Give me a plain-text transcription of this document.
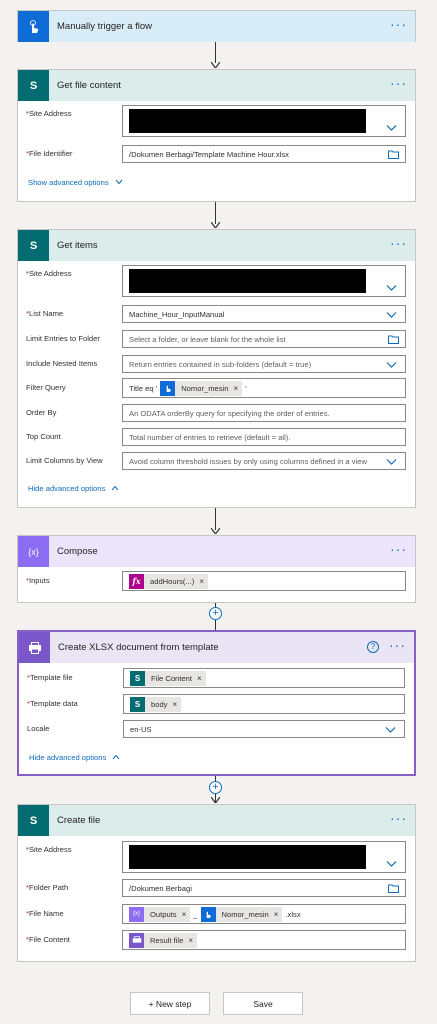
+
+
Manually trigger a flow	···
S	Get file content	···
*Site Address
*File Identifier	/Dokumen Berbagi/Template Machine Hour.xlsx
Show advanced options
S	Get items	···
*Site Address
*List Name	Machine_Hour_InputManual
Limit Entries to Folder	Select a folder, or leave blank for the whole list
Include Nested Items	Return entries contained in sub-folders (default = true)
Filter Query	Title eq '	Nomor_mesin × '
Order By	An ODATA orderBy query for specifying the order of entries.
Top Count	Total number of entries to retrieve (default = all).
Limit Columns by View	Avoid column threshold issues by only using columns defined in a view
Hide advanced options
{x}	Compose	···
*Inputs	fx	addHours(...) ×
Create XLSX document from template	? ···
*Template file	S	File Content ×
*Template data	S	body ×
Locale	en-US
Hide advanced options
S	Create file	···
*Site Address
*Folder Path	/Dokumen Berbagi
*File Name	{x}	Outputs × _	Nomor_mesin × .xlsx
*File Content	Result file ×
+ New step	Save
